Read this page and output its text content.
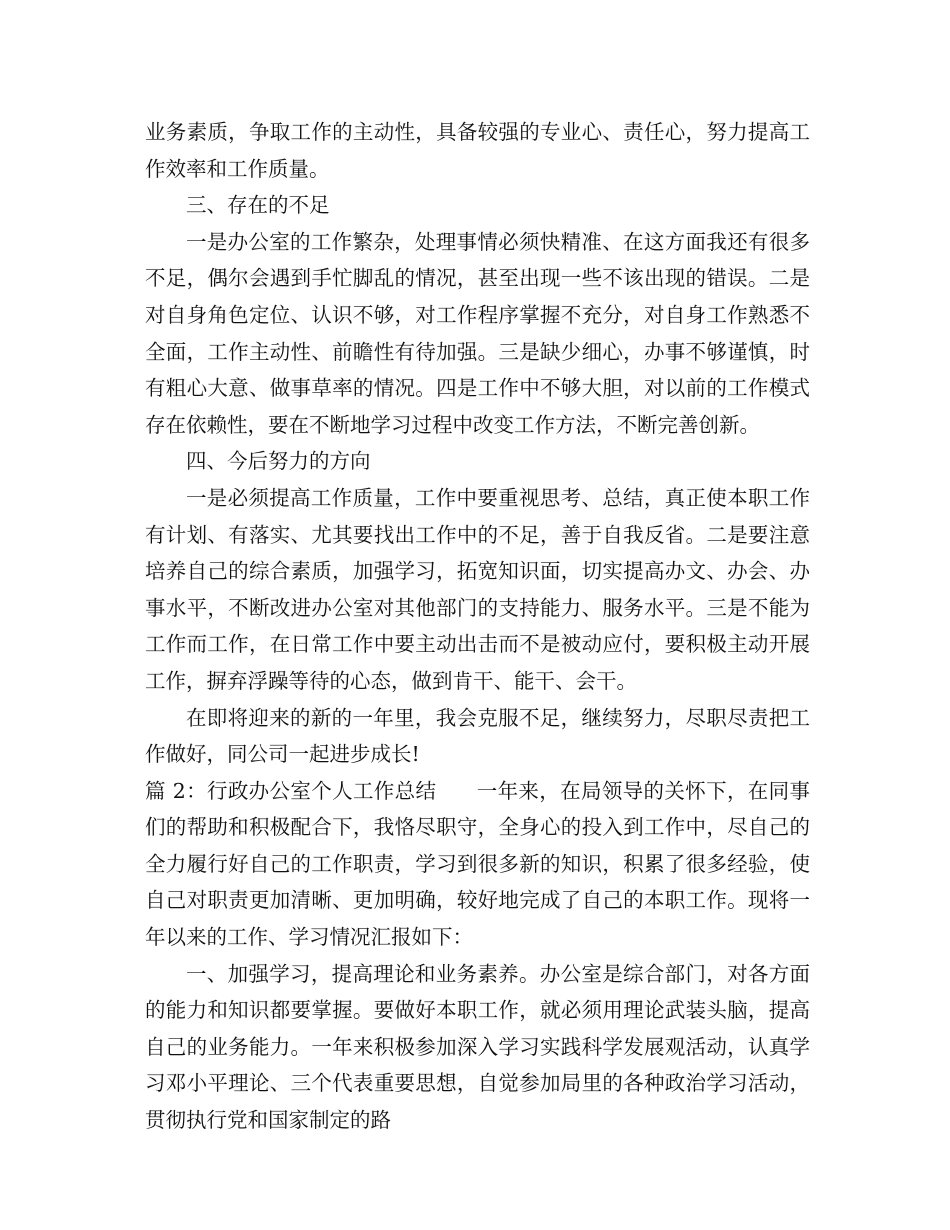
业务素质，争取工作的主动性，具备较强的专业心、责任心，努力提高工作效率和工作质量。

三、存在的不足

一是办公室的工作繁杂，处理事情必须快精准、在这方面我还有很多不足，偶尔会遇到手忙脚乱的情况，甚至出现一些不该出现的错误。二是对自身角色定位、认识不够，对工作程序掌握不充分，对自身工作熟悉不全面，工作主动性、前瞻性有待加强。三是缺少细心，办事不够谨慎，时有粗心大意、做事草率的情况。四是工作中不够大胆，对以前的工作模式存在依赖性，要在不断地学习过程中改变工作方法，不断完善创新。

四、今后努力的方向

一是必须提高工作质量，工作中要重视思考、总结，真正使本职工作有计划、有落实、尤其要找出工作中的不足，善于自我反省。二是要注意培养自己的综合素质，加强学习，拓宽知识面，切实提高办文、办会、办事水平，不断改进办公室对其他部门的支持能力、服务水平。三是不能为工作而工作，在日常工作中要主动出击而不是被动应付，要积极主动开展工作，摒弃浮躁等待的心态，做到肯干、能干、会干。

在即将迎来的新的一年里，我会克服不足，继续努力，尽职尽责把工作做好，同公司一起进步成长!

篇 2：行政办公室个人工作总结 一年来，在局领导的关怀下，在同事们的帮助和积极配合下，我恪尽职守，全身心的投入到工作中，尽自己的全力履行好自己的工作职责，学习到很多新的知识，积累了很多经验，使自己对职责更加清晰、更加明确，较好地完成了自己的本职工作。现将一年以来的工作、学习情况汇报如下：

一、加强学习，提高理论和业务素养。办公室是综合部门，对各方面的能力和知识都要掌握。要做好本职工作，就必须用理论武装头脑，提高自己的业务能力。一年来积极参加深入学习实践科学发展观活动，认真学习邓小平理论、三个代表重要思想，自觉参加局里的各种政治学习活动，贯彻执行党和国家制定的路
